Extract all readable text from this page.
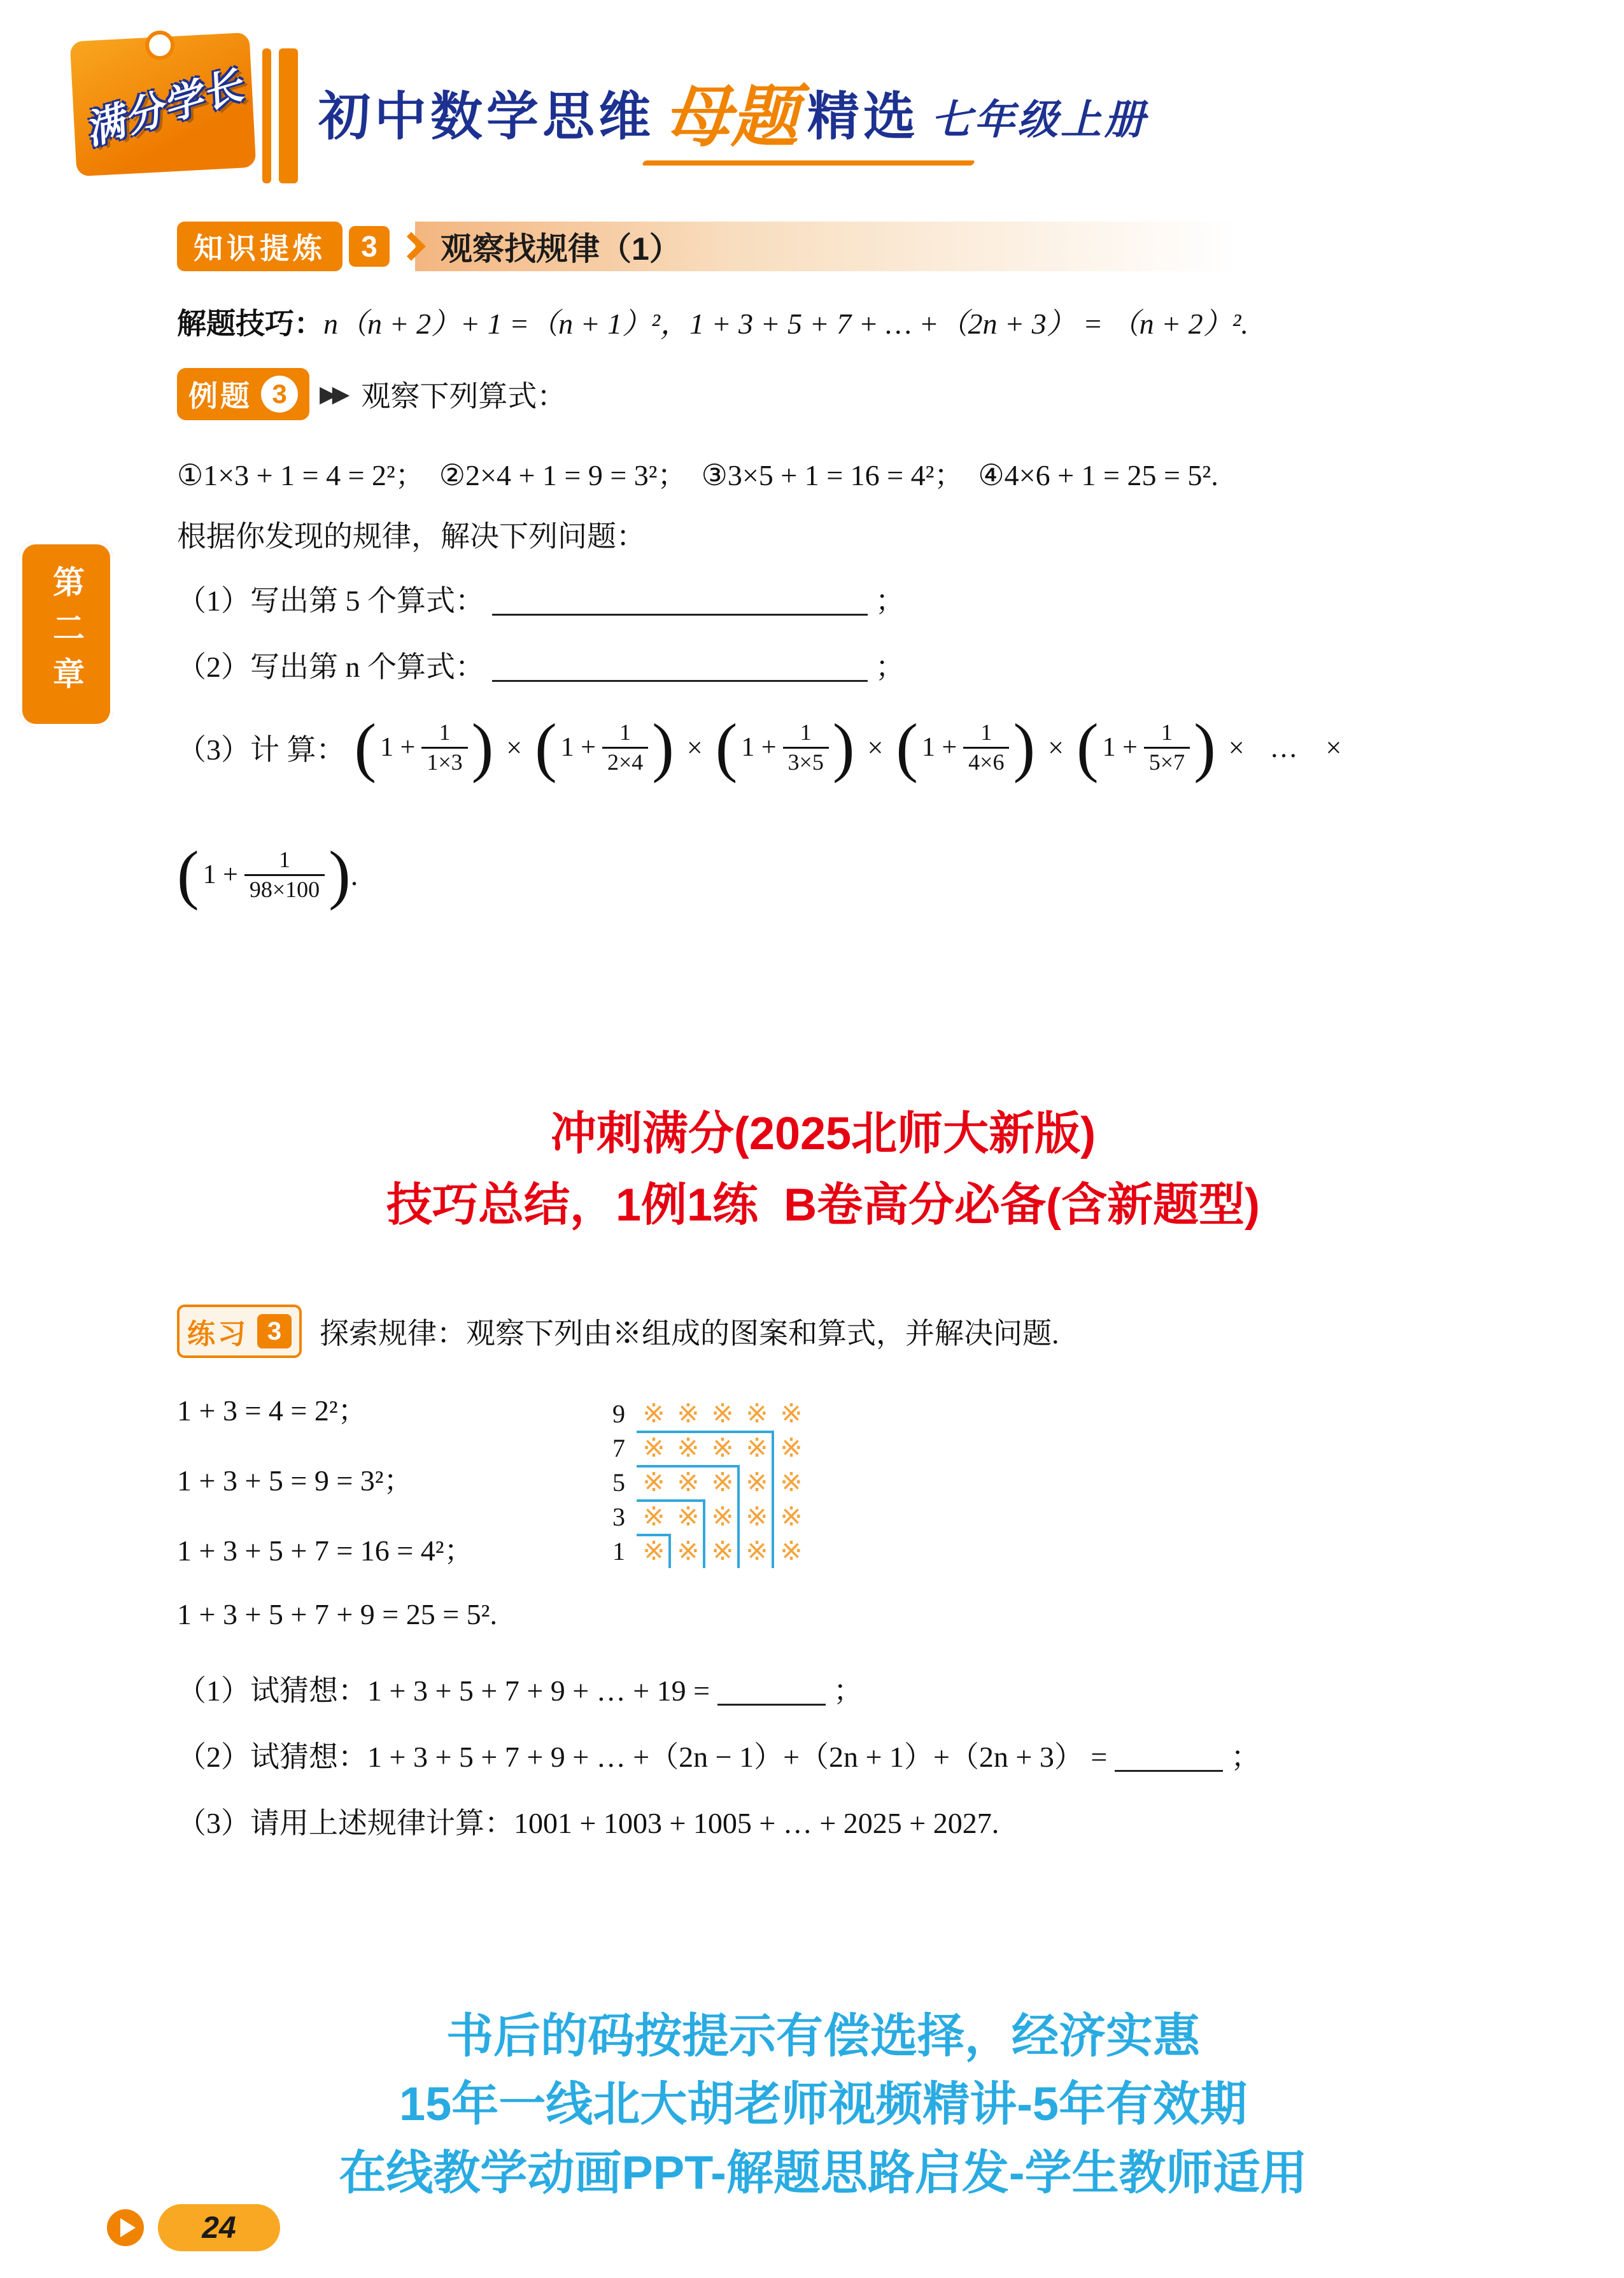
满分学长 初中数学思维 母题 精选 七年级上册
第二章
知识提炼	3	观察找规律（1）
解题技巧：n（n + 2）+ 1 =（n + 1）²，1 + 3 + 5 + 7 + … +（2n + 3） = （n + 2）².
例题 3	▶▶ 观察下列算式：
①1×3 + 1 = 4 = 2²；  ②2×4 + 1 = 9 = 3²；  ③3×5 + 1 = 16 = 4²；  ④4×6 + 1 = 25 = 5².
根据你发现的规律，解决下列问题：
（1）写出第 5 个算式：	；
（2）写出第 n 个算式：	；
（3）计 算： ( $1 + \frac{1}{1\times 3}$ ) × ( $1 + \frac{1}{2\times 4}$ ) × ( $1 + \frac{1}{3\times 5}$ ) × ( $1 + \frac{1}{4\times 6}$ ) × ( $1 + \frac{1}{5\times 7}$ ) × … ×
( $1 + \frac{1}{98\times 100}$ ) .
冲刺满分(2025北师大新版)
技巧总结，1例1练  B卷高分必备(含新题型)
练习 3	探索规律：观察下列由※组成的图案和算式，并解决问题.
1 + 3 = 4 = 2²；
1 + 3 + 5 = 9 = 3²；
1 + 3 + 5 + 7 = 16 = 4²；
1 + 3 + 5 + 7 + 9 = 25 = 5².
9
7
5
3
1
※ ※ ※ ※ ※
※ ※ ※ ※ ※
※ ※ ※ ※ ※
※ ※ ※ ※ ※
※ ※ ※ ※ ※
（1）试猜想：1 + 3 + 5 + 7 + 9 + … + 19 =	；
（2）试猜想：1 + 3 + 5 + 7 + 9 + … +（2n − 1）+（2n + 1）+（2n + 3） =	；
（3）请用上述规律计算：1001 + 1003 + 1005 + … + 2025 + 2027.
书后的码按提示有偿选择，经济实惠
15年一线北大胡老师视频精讲-5年有效期
在线教学动画PPT-解题思路启发-学生教师适用
24
